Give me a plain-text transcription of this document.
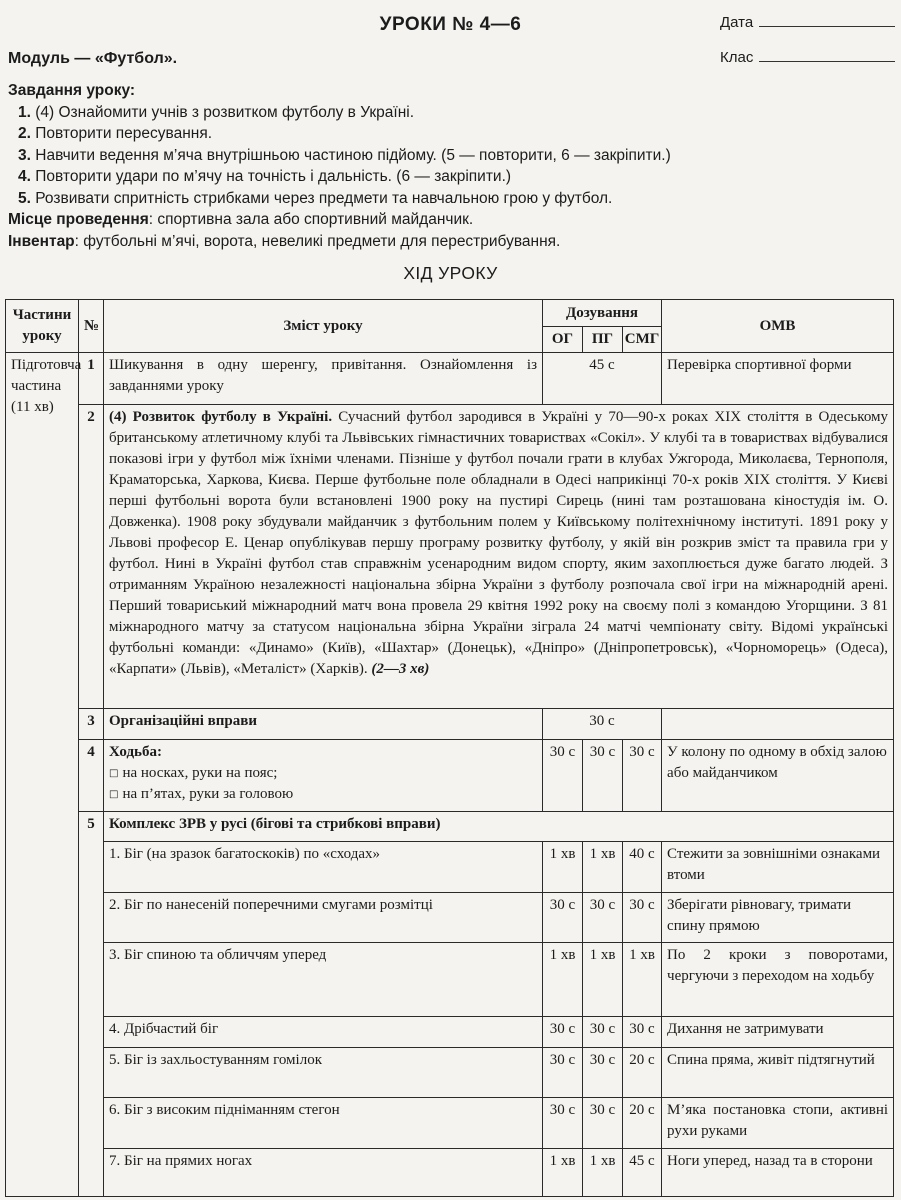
УРОКИ № 4—6	Дата
Клас
Модуль — «Футбол».
Завдання уроку:
1. (4) Ознайомити учнів з розвитком футболу в Україні.
2. Повторити пересування.
3. Навчити ведення м’яча внутрішньою частиною підйому. (5 — повторити, 6 — закріпити.)
4. Повторити удари по м’ячу на точність і дальність. (6 — закріпити.)
5. Розвивати спритність стрибками через предмети та навчальною грою у футбол.
Місце проведення: спортивна зала або спортивний майданчик.
Інвентар: футбольні м’ячі, ворота, невеликі предмети для перестрибування.
ХІД УРОКУ
Частини уроку	№	Зміст уроку	Дозування			ОМВ
			ОГ	ПГ	СМГ	
Підготовча частина (11 хв)	1	Шикування в одну шеренгу, привітання. Ознайомлення із завданнями уроку	45 с			Перевірка спортивної форми
	2	(4) Розвиток футболу в Україні. Сучасний футбол зародився в Україні у 70—90-х роках XIX століття в Одеському британському атлетичному клубі та Львівських гімнастичних товариствах «Сокіл». У клубі та в товариствах відбувалися показові ігри у футбол між їхніми членами. Пізніше у футбол почали грати в клубах Ужгорода, Миколаєва, Тернополя, Краматорська, Харкова, Києва. Перше футбольне поле обладнали в Одесі наприкінці 70-х років XIX століття. У Києві перші футбольні ворота були встановлені 1900 року на пустирі Сирець (нині там розташована кіностудія ім. О. Довженка). 1908 року збудували майданчик з футбольним полем у Київському політехнічному інституті. 1891 року у Львові професор Е. Ценар опублікував першу програму розвитку футболу, у якій він розкрив зміст та правила гри у футбол. Нині в Україні футбол став справжнім усенародним видом спорту, яким захоплюється дуже багато людей. З отриманням Україною незалежності національна збірна України з футболу розпочала свої ігри на міжнародній арені. Перший товариський міжнародний матч вона провела 29 квітня 1992 року на своєму полі з командою Угорщини. З 81 міжнародного матчу за статусом національна збірна України зіграла 24 матчі чемпіонату світу. Відомі українські футбольні команди: «Динамо» (Київ), «Шахтар» (Донецьк), «Дніпро» (Дніпропетровськ), «Чорноморець» (Одеса), «Карпати» (Львів), «Металіст» (Харків). (2—3 хв)				
	3	Організаційні вправи	30 с			
	4	Ходьба:
□ на носках, руки на пояс;
□ на п’ятах, руки за головою	30 с	30 с	30 с	У колону по одному в обхід залою або майданчиком
	5	Комплекс ЗРВ у русі (бігові та стрибкові вправи)				
		1. Біг (на зразок багатоскоків) по «сходах»	1 хв	1 хв	40 с	Стежити за зовнішніми ознаками втоми
		2. Біг по нанесеній поперечними смугами розмітці	30 с	30 с	30 с	Зберігати рівновагу, тримати спину прямою
		3. Біг спиною та обличчям уперед	1 хв	1 хв	1 хв	По 2 кроки з поворотами, чергуючи з переходом на ходьбу
		4. Дрібчастий біг	30 с	30 с	30 с	Дихання не затримувати
		5. Біг із захльостуванням гомілок	30 с	30 с	20 с	Спина пряма, живіт підтягнутий
		6. Біг з високим підніманням стегон	30 с	30 с	20 с	М’яка постановка стопи, активні рухи руками
		7. Біг на прямих ногах	1 хв	1 хв	45 с	Ноги уперед, назад та в сторони
